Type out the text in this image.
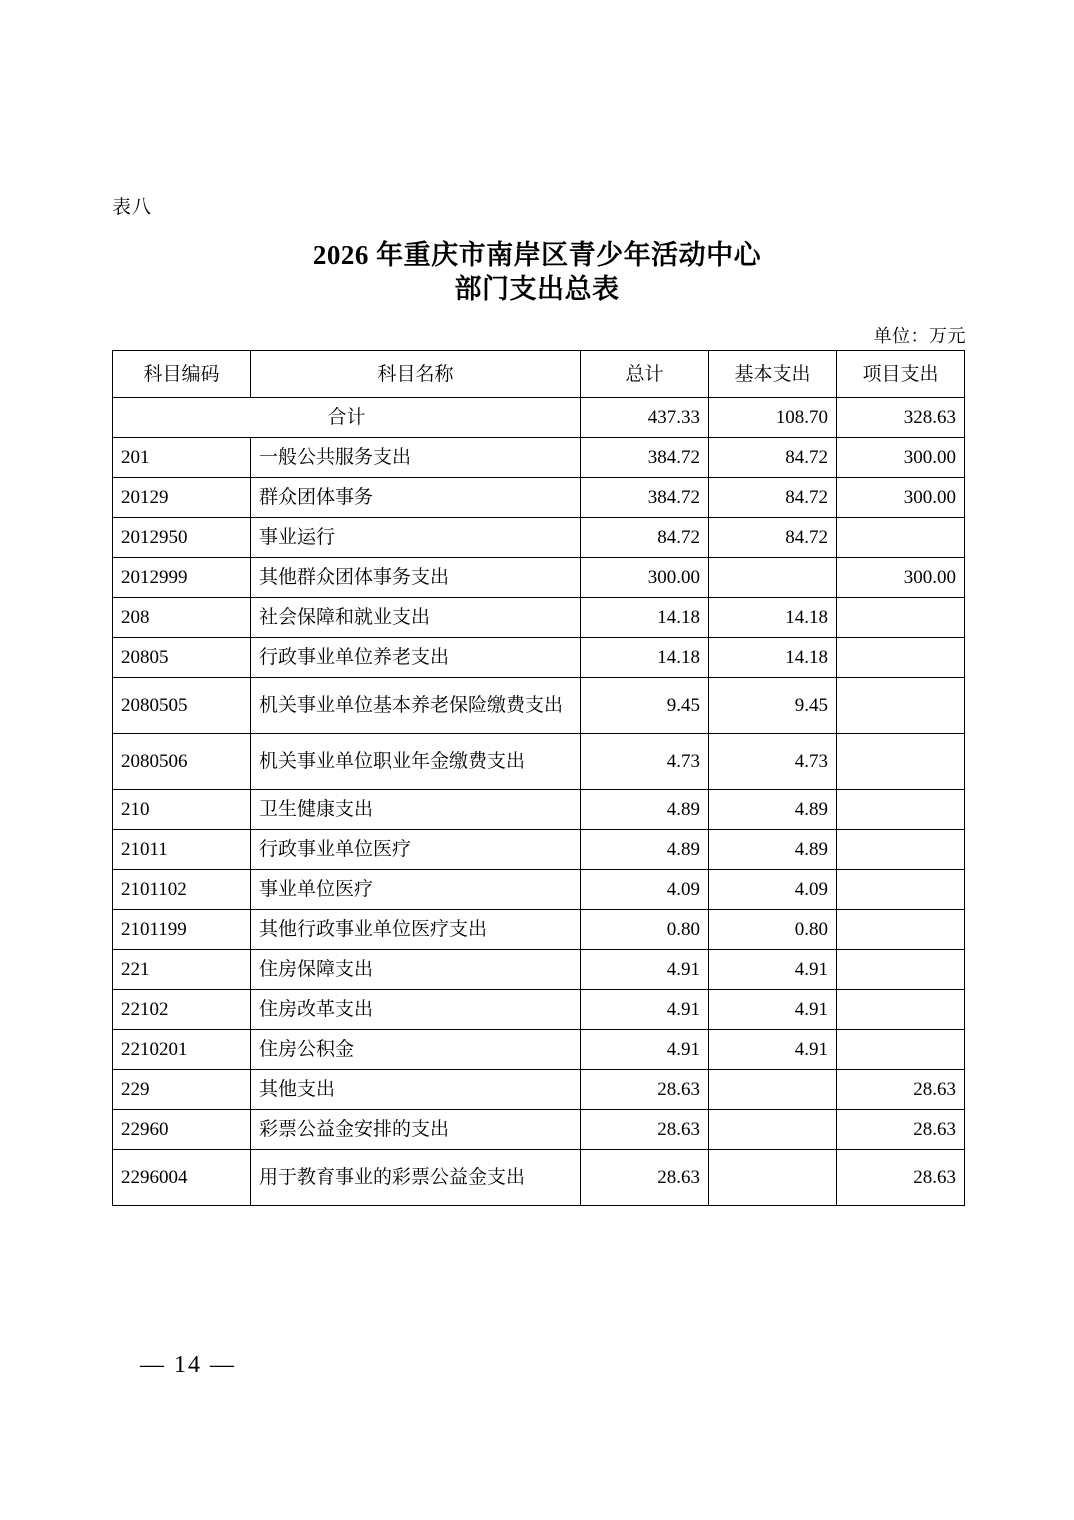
表八
2026 年重庆市南岸区青少年活动中心
部门支出总表
单位：万元
科目编码	科目名称	总计	基本支出	项目支出
合计		437.33	108.70	328.63
201	一般公共服务支出	384.72	84.72	300.00
20129	群众团体事务	384.72	84.72	300.00
2012950	事业运行	84.72	84.72	
2012999	其他群众团体事务支出	300.00		300.00
208	社会保障和就业支出	14.18	14.18	
20805	行政事业单位养老支出	14.18	14.18	
2080505	机关事业单位基本养老保险缴费支出	9.45	9.45	
2080506	机关事业单位职业年金缴费支出	4.73	4.73	
210	卫生健康支出	4.89	4.89	
21011	行政事业单位医疗	4.89	4.89	
2101102	事业单位医疗	4.09	4.09	
2101199	其他行政事业单位医疗支出	0.80	0.80	
221	住房保障支出	4.91	4.91	
22102	住房改革支出	4.91	4.91	
2210201	住房公积金	4.91	4.91	
229	其他支出	28.63		28.63
22960	彩票公益金安排的支出	28.63		28.63
2296004	用于教育事业的彩票公益金支出	28.63		28.63
— 14 —
